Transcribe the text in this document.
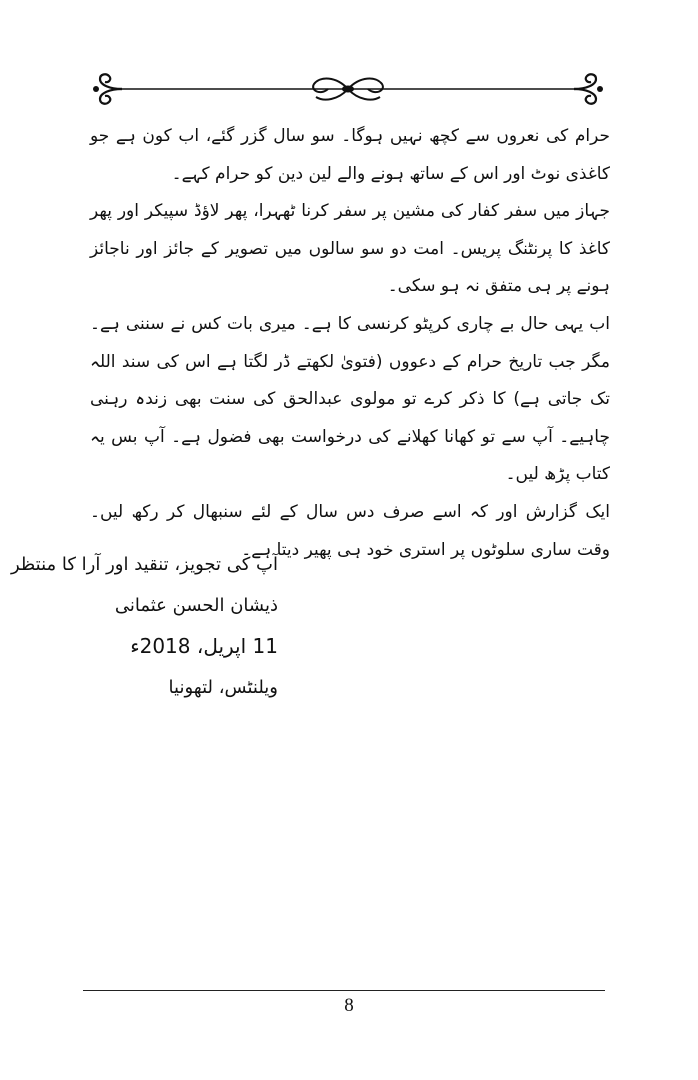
حرام کی نعروں سے کچھ نہیں ہوگا۔ سو سال گزر گئے، اب کون ہے جو کاغذی نوٹ اور اس کے ساتھ ہونے والے لین دین کو حرام کہے۔

جہاز میں سفر کفار کی مشین پر سفر کرنا ٹھہرا، پھر لاؤڈ سپیکر اور پھر کاغذ کا پرنٹنگ پریس۔ امت دو سو سالوں میں تصویر کے جائز اور ناجائز ہونے پر ہی متفق نہ ہو سکی۔

اب یہی حال بے چاری کرپٹو کرنسی کا ہے۔ میری بات کس نے سننی ہے۔ مگر جب تاریخ حرام کے دعووں (فتویٰ لکھتے ڈر لگتا ہے اس کی سند اللہ تک جاتی ہے) کا ذکر کرے تو مولوی عبدالحق کی سنت بھی زندہ رہنی چاہیے۔ آپ سے تو کھانا کھلانے کی درخواست بھی فضول ہے۔ آپ بس یہ کتاب پڑھ لیں۔

ایک گزارش اور کہ اسے صرف دس سال کے لئے سنبھال کر رکھ لیں۔ وقت ساری سلوٹوں پر استری خود ہی پھیر دیتا ہے۔

آپ کی تجویز، تنقید اور آرا کا منتظر
ذیشان الحسن عثمانی
11 اپریل، 2018ء
ویلنٹس، لتھونیا
8
